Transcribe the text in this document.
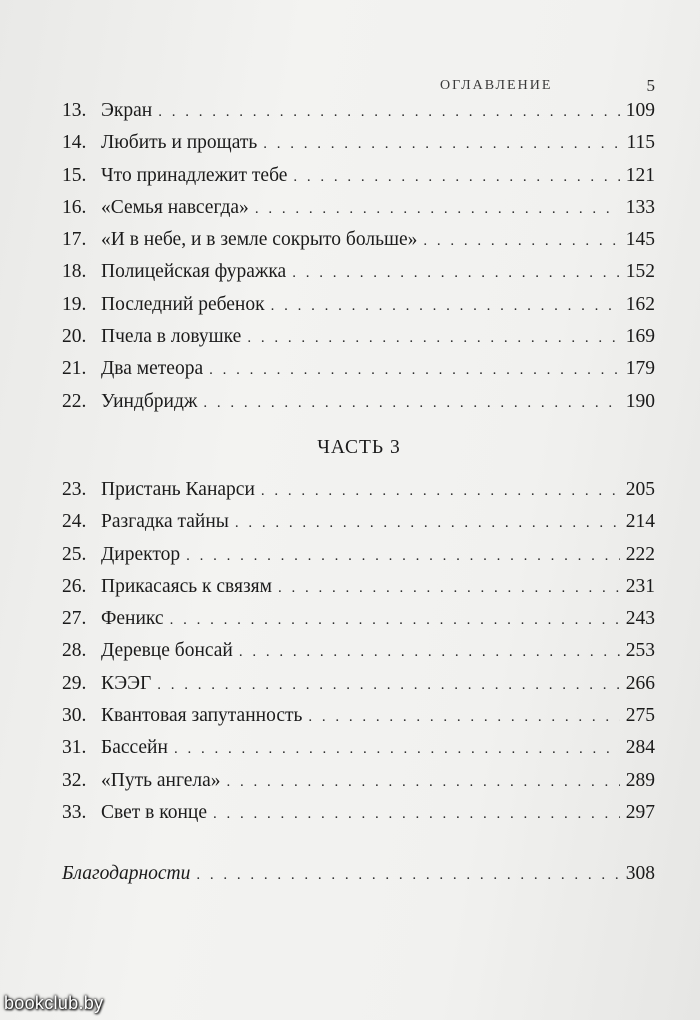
ОГЛАВЛЕНИЕ	5
13. Экран . . .	109
14. Любить и прощать . . .	115
15. Что принадлежит тебе . . .	121
16. «Семья навсегда» . . .	133
17. «И в небе, и в земле сокрыто больше» . . .	145
18. Полицейская фуражка . . .	152
19. Последний ребенок . . .	162
20. Пчела в ловушке . . .	169
21. Два метеора . . .	179
22. Уиндбридж . . .	190
ЧАСТЬ 3
23. Пристань Канарси . . .	205
24. Разгадка тайны . . .	214
25. Директор . . .	222
26. Прикасаясь к связям . . .	231
27. Феникс . . .	243
28. Деревце бонсай . . .	253
29. КЭЭГ . . .	266
30. Квантовая запутанность . . .	275
31. Бассейн . . .	284
32. «Путь ангела» . . .	289
33. Свет в конце . . .	297
Благодарности . . .	308
bookclub.by
